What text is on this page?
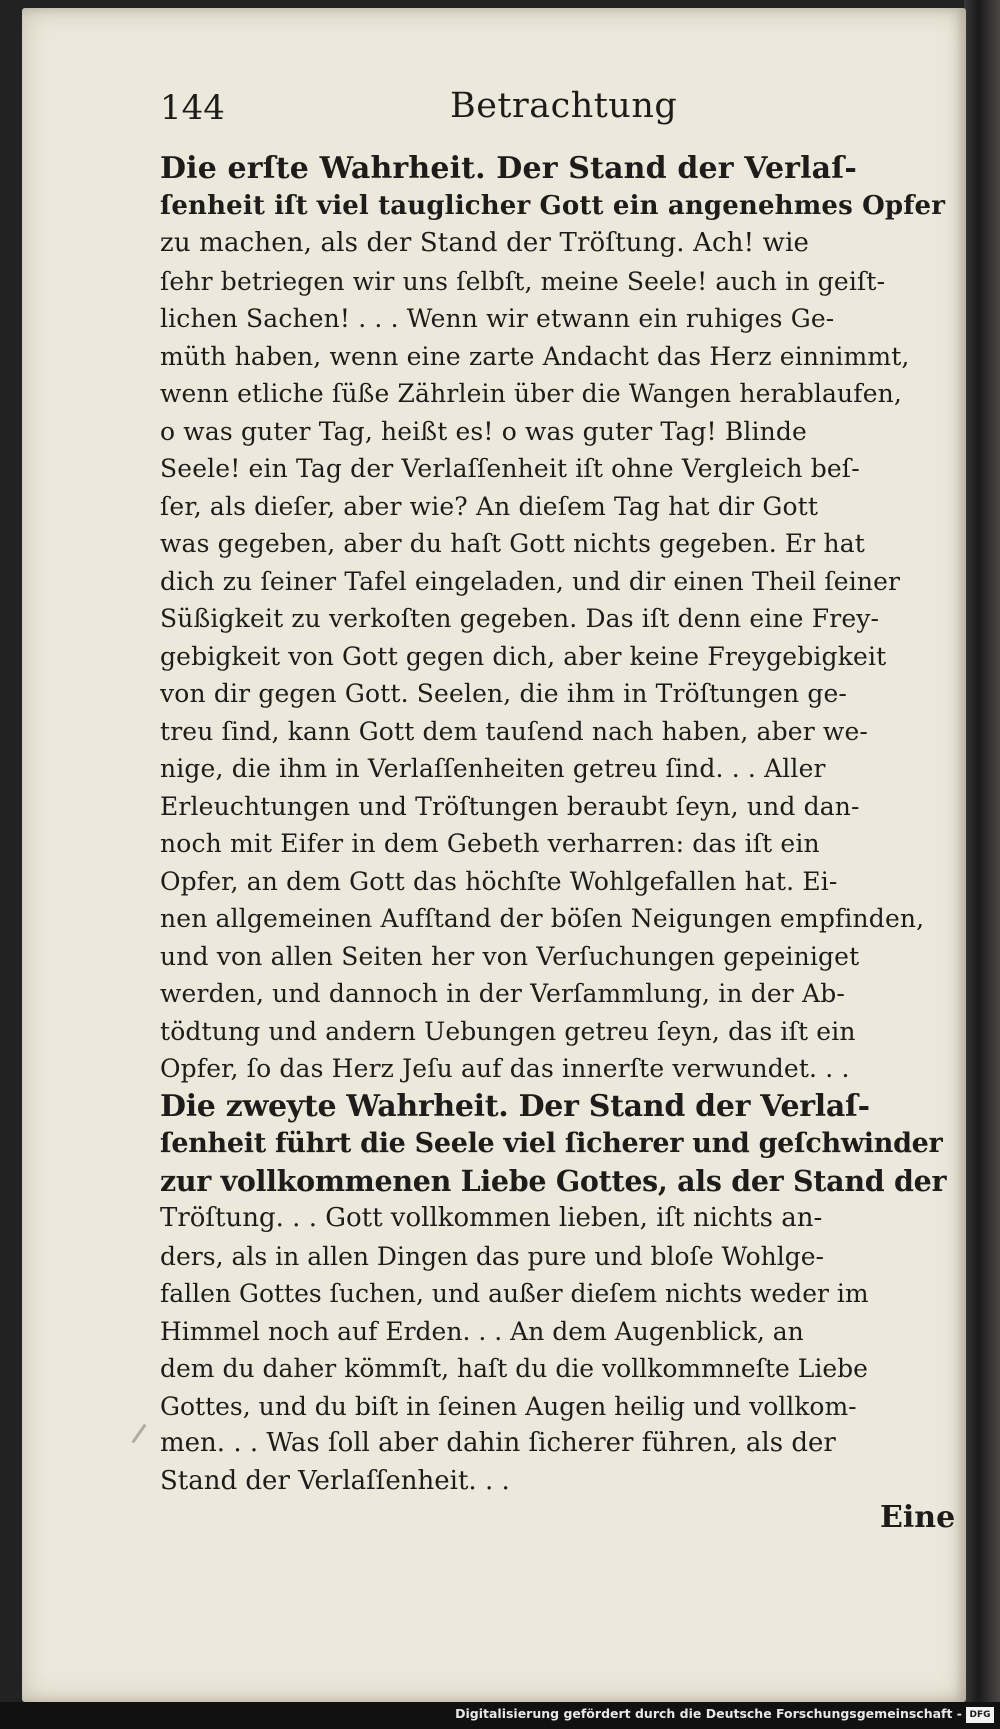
144	Betrachtung
Die erſte Wahrheit. Der Stand der Verlaſ-
ſenheit iſt viel tauglicher Gott ein angenehmes Opfer
zu machen, als der Stand der Tröſtung. Ach! wie
ſehr betriegen wir uns ſelbſt, meine Seele! auch in geiſt-
lichen Sachen! . . . Wenn wir etwann ein ruhiges Ge-
müth haben, wenn eine zarte Andacht das Herz einnimmt,
wenn etliche ſüße Zährlein über die Wangen herablaufen,
o was guter Tag, heißt es! o was guter Tag! Blinde
Seele! ein Tag der Verlaſſenheit iſt ohne Vergleich beſ-
ſer, als dieſer, aber wie? An dieſem Tag hat dir Gott
was gegeben, aber du haſt Gott nichts gegeben. Er hat
dich zu ſeiner Tafel eingeladen, und dir einen Theil ſeiner
Süßigkeit zu verkoſten gegeben. Das iſt denn eine Frey-
gebigkeit von Gott gegen dich, aber keine Freygebigkeit
von dir gegen Gott. Seelen, die ihm in Tröſtungen ge-
treu ſind, kann Gott dem tauſend nach haben, aber we-
nige, die ihm in Verlaſſenheiten getreu ſind. . . Aller
Erleuchtungen und Tröſtungen beraubt ſeyn, und dan-
noch mit Eifer in dem Gebeth verharren: das iſt ein
Opfer, an dem Gott das höchſte Wohlgefallen hat. Ei-
nen allgemeinen Aufſtand der böſen Neigungen empfinden,
und von allen Seiten her von Verſuchungen gepeiniget
werden, und dannoch in der Verſammlung, in der Ab-
tödtung und andern Uebungen getreu ſeyn, das iſt ein
Opfer, ſo das Herz Jeſu auf das innerſte verwundet. . .
Die zweyte Wahrheit. Der Stand der Verlaſ-
ſenheit führt die Seele viel ſicherer und geſchwinder
zur vollkommenen Liebe Gottes, als der Stand der
Tröſtung. . . Gott vollkommen lieben, iſt nichts an-
ders, als in allen Dingen das pure und bloſe Wohlge-
fallen Gottes ſuchen, und außer dieſem nichts weder im
Himmel noch auf Erden. . . An dem Augenblick, an
dem du daher kömmſt, haſt du die vollkommneſte Liebe
Gottes, und du biſt in ſeinen Augen heilig und vollkom-
men. . . Was ſoll aber dahin ſicherer führen, als der
Stand der Verlaſſenheit. . .
Eine
Digitalisierung gefördert durch die Deutsche Forschungsgemeinschaft - DFG
